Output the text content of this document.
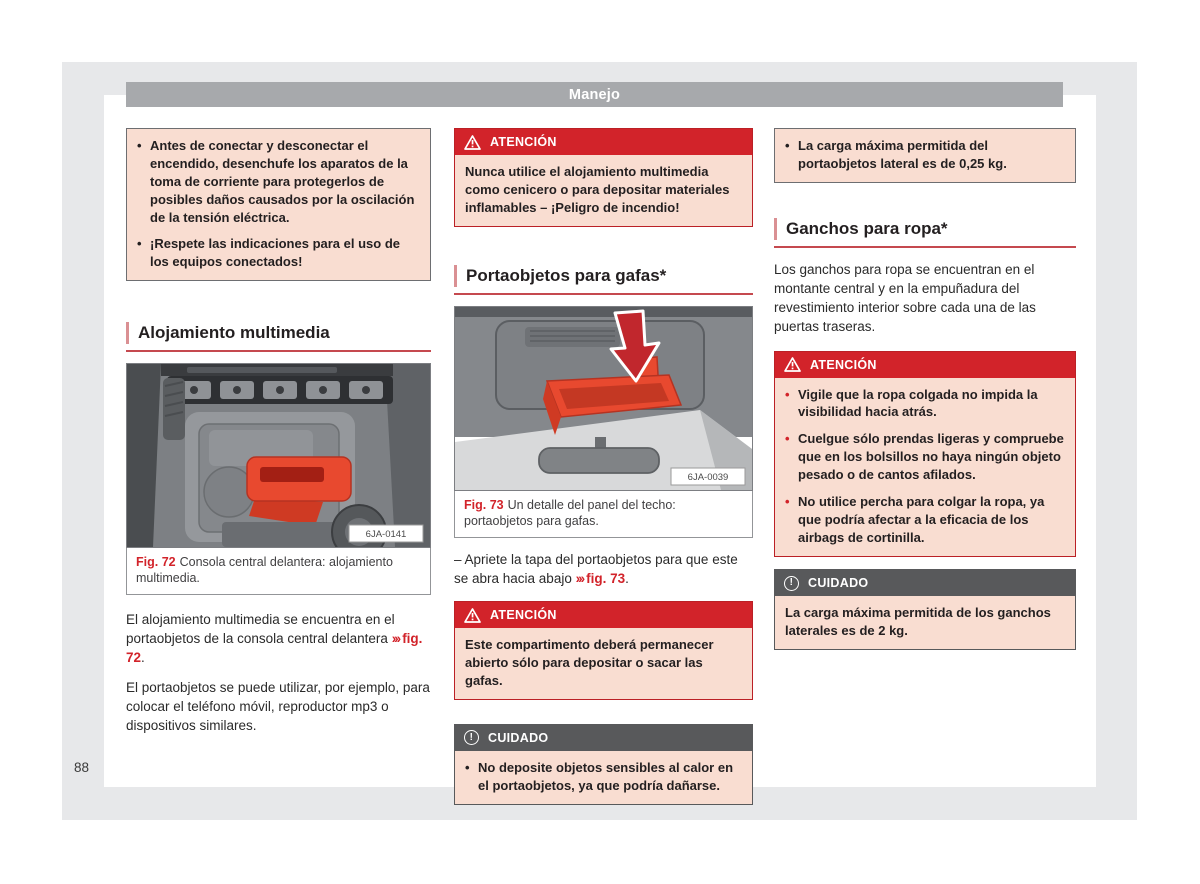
Manejo

• Antes de conectar y desconectar el encendido, desenchufe los aparatos de la toma de corriente para protegerlos de posibles daños causados por la oscilación de la tensión eléctrica.

• ¡Respete las indicaciones para el uso de los equipos conectados!

Alojamiento multimedia
6JA-0141
Fig. 72 Consola central delantera: alojamiento multimedia.

El alojamiento multimedia se encuentra en el portaobjetos de la consola central delantera ››› fig. 72.

El portaobjetos se puede utilizar, por ejemplo, para colocar el teléfono móvil, reproductor mp3 o dispositivos similares.

ATENCIÓN

Nunca utilice el alojamiento multimedia como cenicero o para depositar materiales inflamables – ¡Peligro de incendio!

Portaobjetos para gafas*
6JA-0039
Fig. 73 Un detalle del panel del techo: portaobjetos para gafas.

– Apriete la tapa del portaobjetos para que este se abra hacia abajo ››› fig. 73.

ATENCIÓN

Este compartimento deberá permanecer abierto sólo para depositar o sacar las gafas.

!
CUIDADO

• No deposite objetos sensibles al calor en el portaobjetos, ya que podría dañarse.

• La carga máxima permitida del portaobjetos lateral es de 0,25 kg.

Ganchos para ropa*

Los ganchos para ropa se encuentran en el montante central y en la empuñadura del revestimiento interior sobre cada una de las puertas traseras.

ATENCIÓN

• Vigile que la ropa colgada no impida la visibilidad hacia atrás.

• Cuelgue sólo prendas ligeras y compruebe que en los bolsillos no haya ningún objeto pesado o de cantos afilados.

• No utilice percha para colgar la ropa, ya que podría afectar a la eficacia de los airbags de cortinilla.

!
CUIDADO

La carga máxima permitida de los ganchos laterales es de 2 kg.

88
